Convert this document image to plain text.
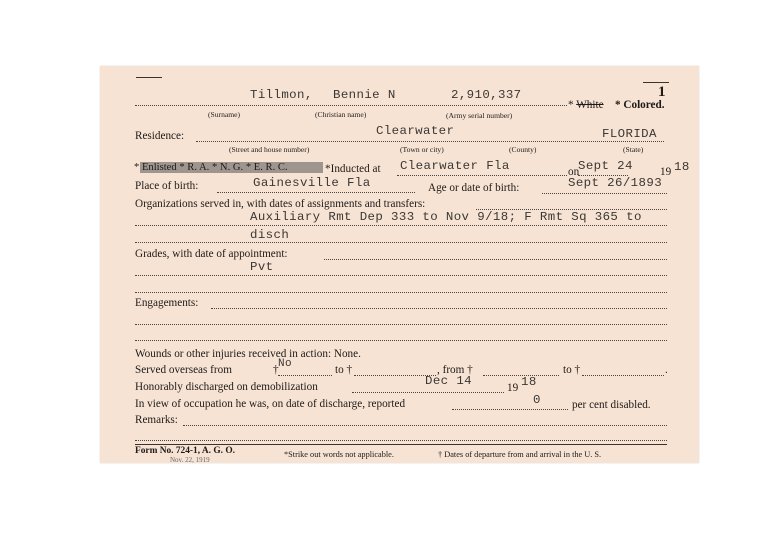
1
Tillmon, Bennie N	2,910,337
* White * Colored.
(Surname)	(Christian name)	(Army serial number)
Residence:	Clearwater	FLORIDA
(Street and house number)	(Town or city)	(County)	(State)
* Enlisted * R. A. * N. G. * E. R. C.	*Inducted at Clearwater Fla	on
Sept 24 19 18
Place of birth:	Gainesville Fla	Age or date of birth:	Sept 26/1893
Organizations served in, with dates of assignments and transfers:
Auxiliary Rmt Dep 333 to Nov 9/18; F Rmt Sq 365 to
disch
Grades, with date of appointment:
Pvt
Engagements:
Wounds or other injuries received in action: None.
Served overseas from	† No	to †	, from †	to †	.
Honorably discharged on demobilization	Dec 14	19 18
In view of occupation he was, on date of discharge, reported	0	per cent disabled.
Remarks:
Form No. 724-1, A. G. O.
Nov. 22, 1919
*Strike out words not applicable.	† Dates of departure from and arrival in the U. S.
